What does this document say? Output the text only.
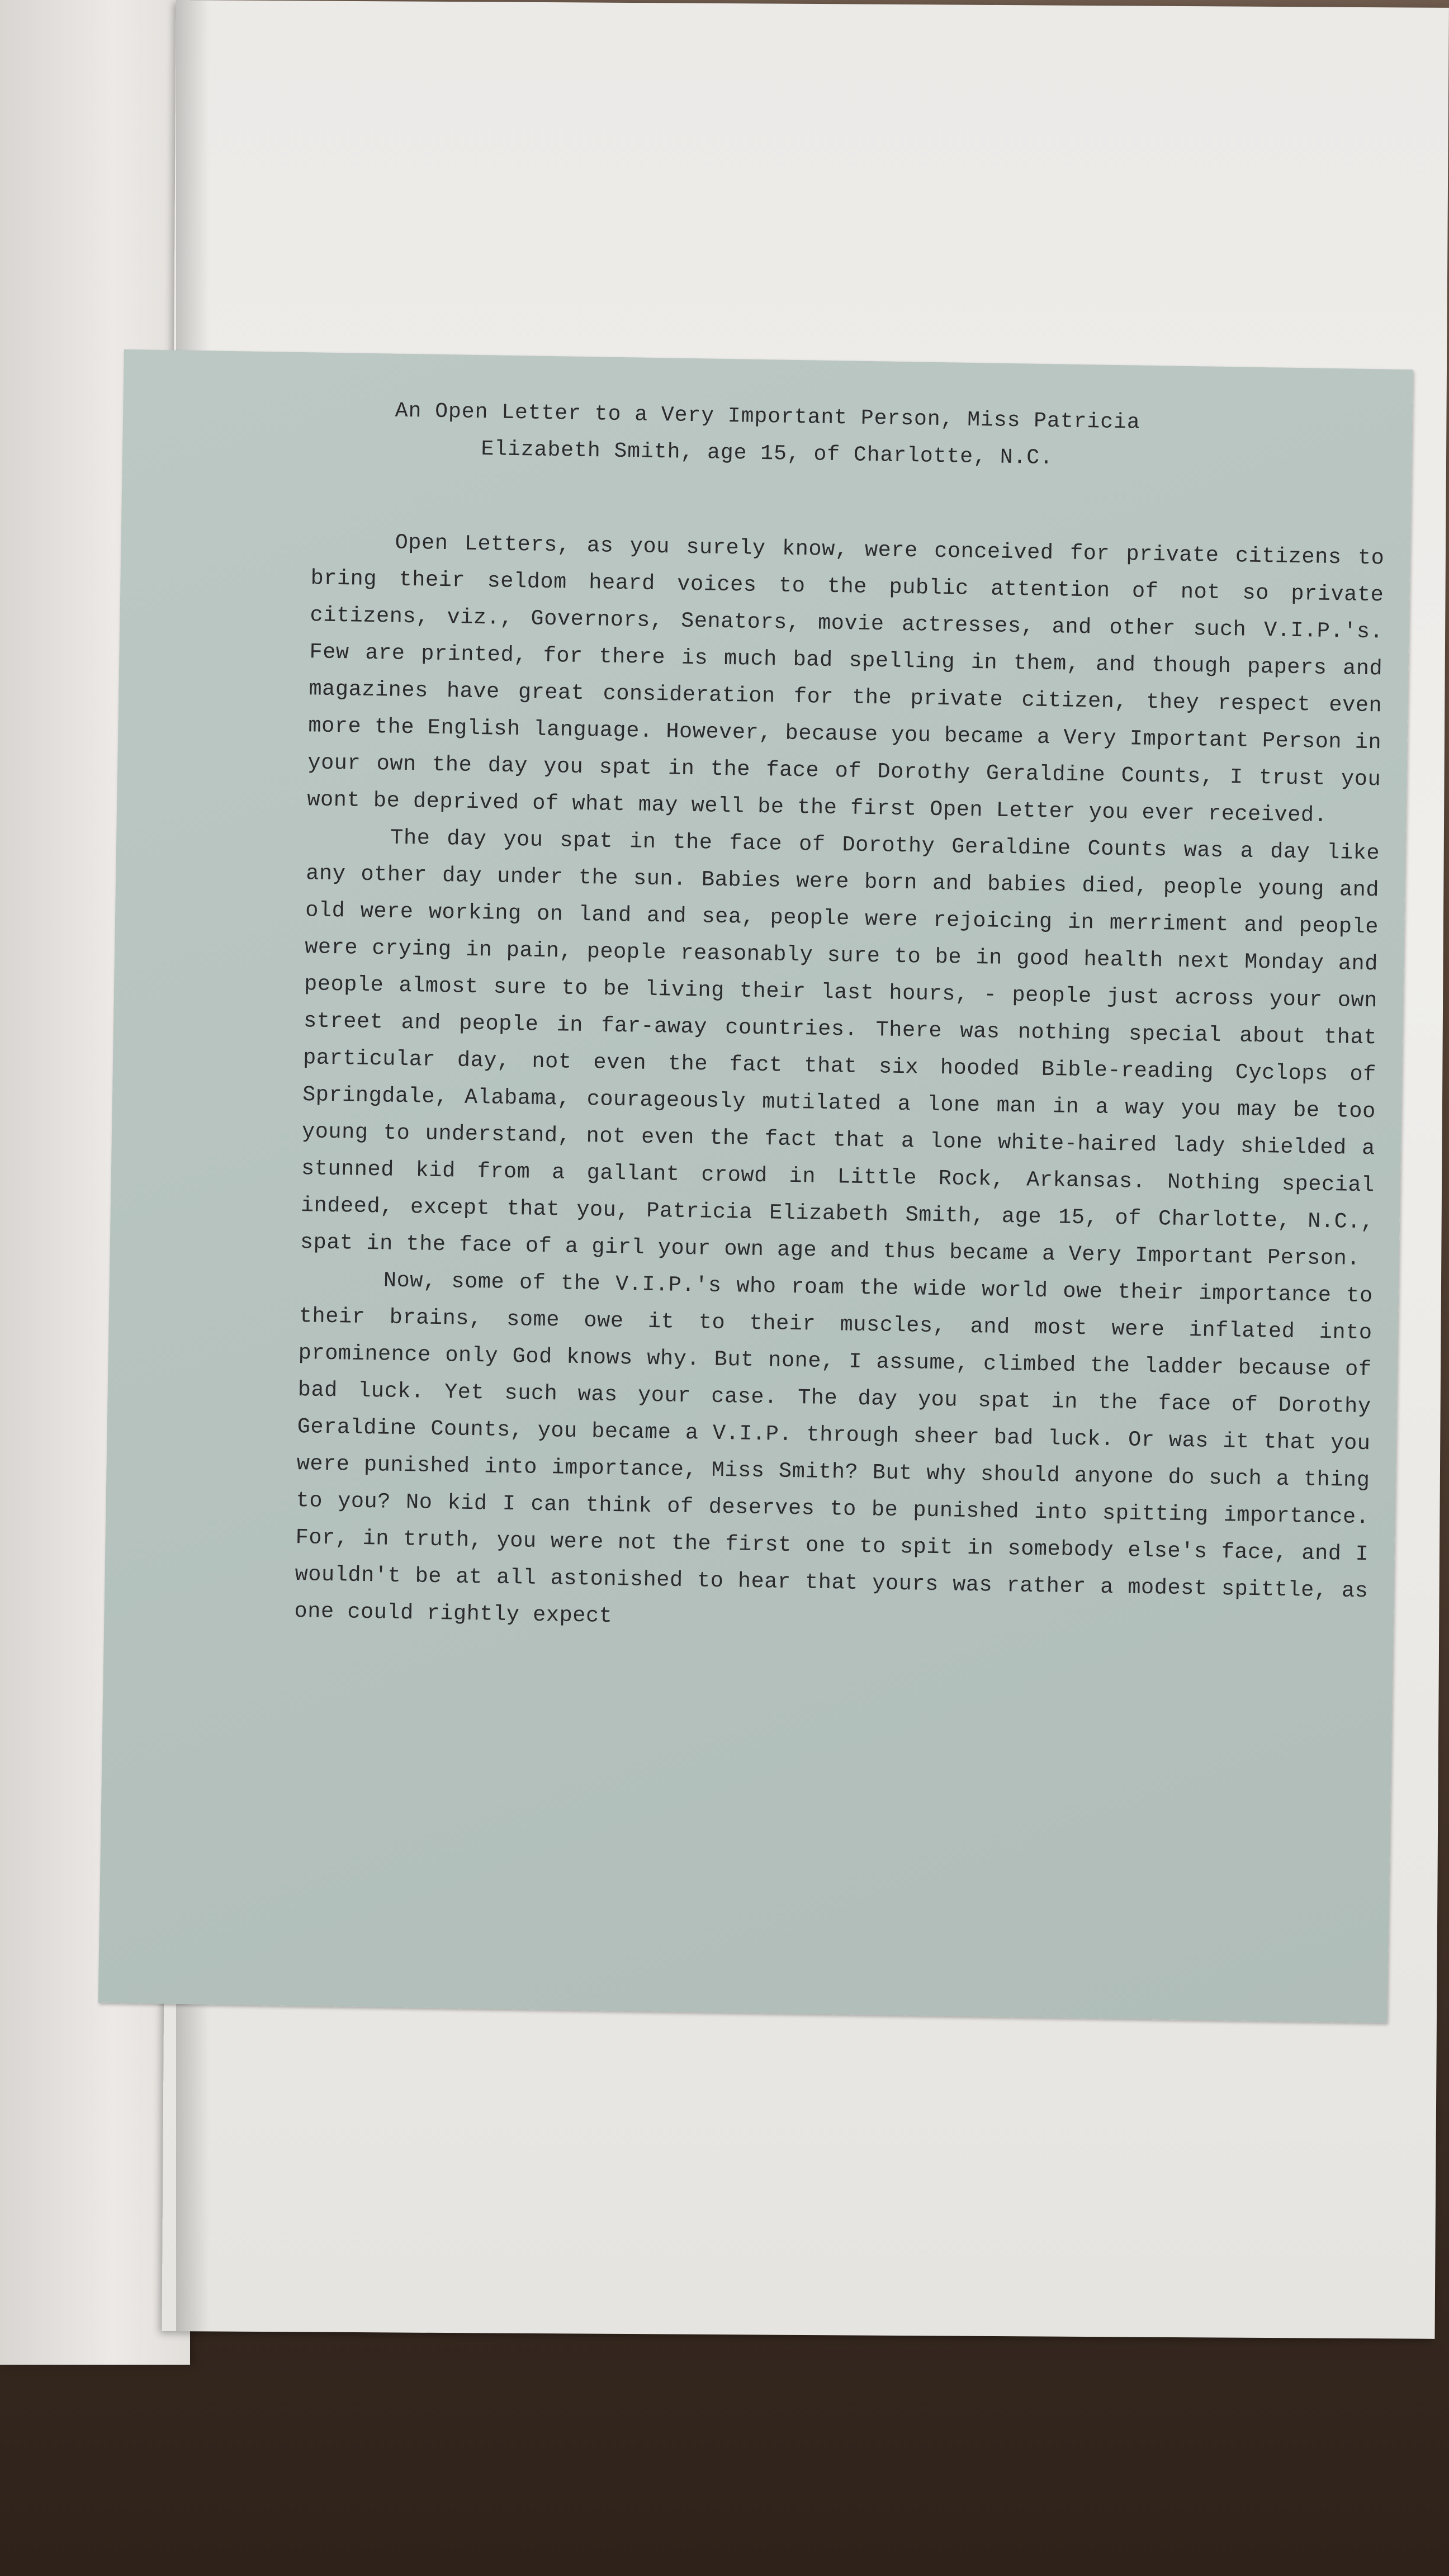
An Open Letter to a Very Important Person, Miss Patricia
Elizabeth Smith, age 15, of Charlotte, N.C.

Open Letters, as you surely know, were conceived for private citizens to bring their seldom heard voices to the public attention of not so private citizens, viz., Governors, Senators, movie actresses, and other such V.I.P.'s. Few are printed, for there is much bad spelling in them, and though papers and magazines have great consideration for the private citizen, they respect even more the English language. However, because you became a Very Important Person in your own the day you spat in the face of Dorothy Geraldine Counts, I trust you wont be deprived of what may well be the first Open Letter you ever received.

The day you spat in the face of Dorothy Geraldine Counts was a day like any other day under the sun. Babies were born and babies died, people young and old were working on land and sea, people were rejoicing in merriment and people were crying in pain, people reasonably sure to be in good health next Monday and people almost sure to be living their last hours, - people just across your own street and people in far-away countries. There was nothing special about that particular day, not even the fact that six hooded Bible-reading Cyclops of Springdale, Alabama, courageously mutilated a lone man in a way you may be too young to understand, not even the fact that a lone white-haired lady shielded a stunned kid from a gallant crowd in Little Rock, Arkansas. Nothing special indeed, except that you, Patricia Elizabeth Smith, age 15, of Charlotte, N.C., spat in the face of a girl your own age and thus became a Very Important Person.

Now, some of the V.I.P.'s who roam the wide world owe their importance to their brains, some owe it to their muscles, and most were inflated into prominence only God knows why. But none, I assume, climbed the ladder because of bad luck. Yet such was your case. The day you spat in the face of Dorothy Geraldine Counts, you became a V.I.P. through sheer bad luck. Or was it that you were punished into importance, Miss Smith? But why should anyone do such a thing to you? No kid I can think of deserves to be punished into spitting importance. For, in truth, you were not the first one to spit in somebody else's face, and I wouldn't be at all astonished to hear that yours was rather a modest spittle, as one could rightly expect
